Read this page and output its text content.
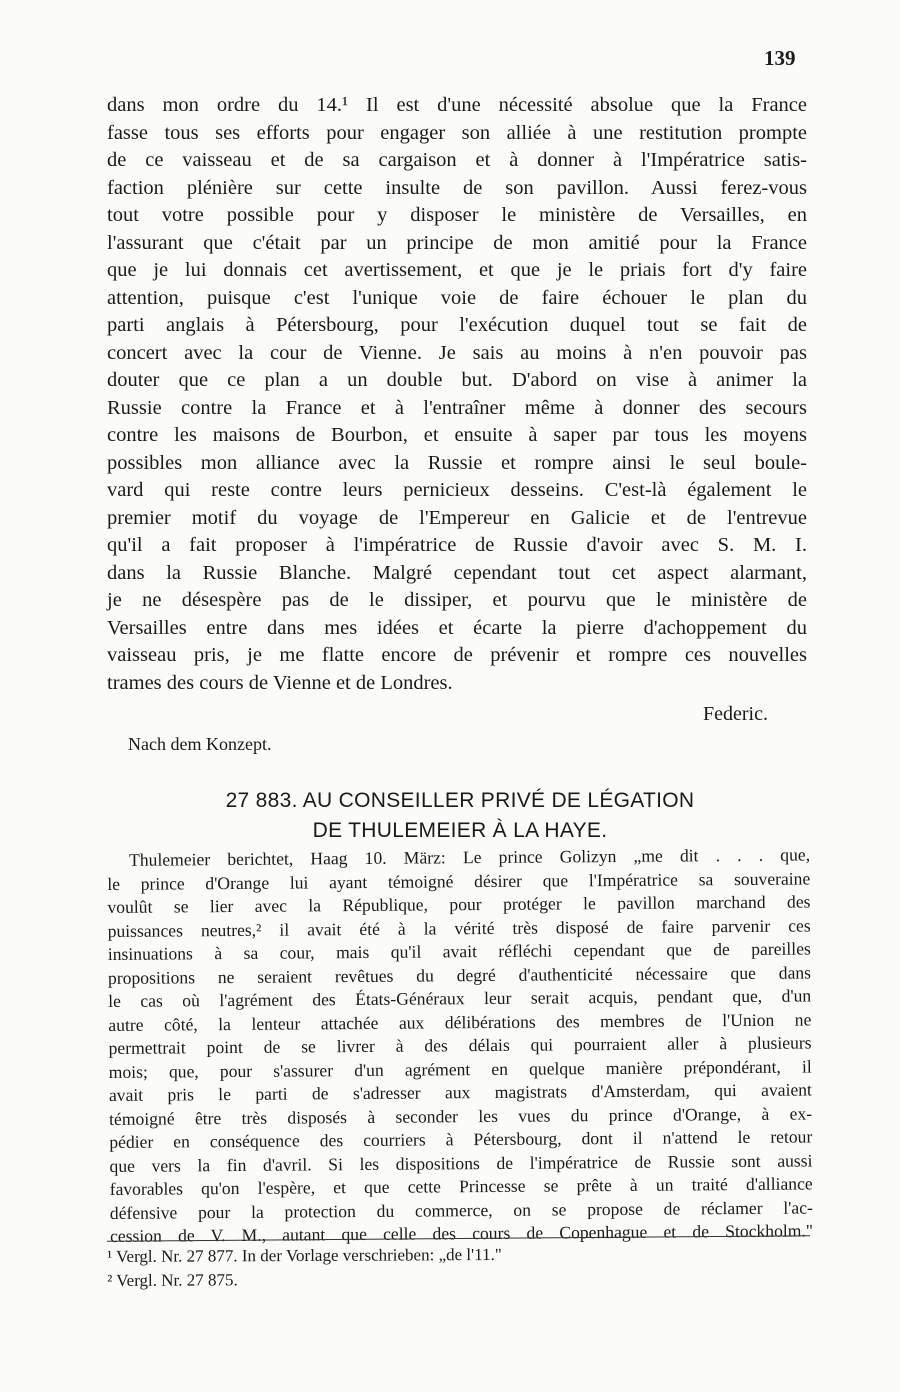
139
dans mon ordre du 14.¹ Il est d'une nécessité absolue que la France
fasse tous ses efforts pour engager son alliée à une restitution prompte
de ce vaisseau et de sa cargaison et à donner à l'Impératrice satis-
faction plénière sur cette insulte de son pavillon. Aussi ferez-vous
tout votre possible pour y disposer le ministère de Versailles, en
l'assurant que c'était par un principe de mon amitié pour la France
que je lui donnais cet avertissement, et que je le priais fort d'y faire
attention, puisque c'est l'unique voie de faire échouer le plan du
parti anglais à Pétersbourg, pour l'exécution duquel tout se fait de
concert avec la cour de Vienne. Je sais au moins à n'en pouvoir pas
douter que ce plan a un double but. D'abord on vise à animer la
Russie contre la France et à l'entraîner même à donner des secours
contre les maisons de Bourbon, et ensuite à saper par tous les moyens
possibles mon alliance avec la Russie et rompre ainsi le seul boule-
vard qui reste contre leurs pernicieux desseins. C'est-là également le
premier motif du voyage de l'Empereur en Galicie et de l'entrevue
qu'il a fait proposer à l'impératrice de Russie d'avoir avec S. M. I.
dans la Russie Blanche. Malgré cependant tout cet aspect alarmant,
je ne désespère pas de le dissiper, et pourvu que le ministère de
Versailles entre dans mes idées et écarte la pierre d'achoppement du
vaisseau pris, je me flatte encore de prévenir et rompre ces nouvelles
trames des cours de Vienne et de Londres.
Federic.
Nach dem Konzept.
27 883. AU CONSEILLER PRIVÉ DE LÉGATION
DE THULEMEIER À LA HAYE.
Thulemeier berichtet, Haag 10. März: Le prince Golizyn „me dit . . . que,
le prince d'Orange lui ayant témoigné désirer que l'Impératrice sa souveraine
voulût se lier avec la République, pour protéger le pavillon marchand des
puissances neutres,² il avait été à la vérité très disposé de faire parvenir ces
insinuations à sa cour, mais qu'il avait réfléchi cependant que de pareilles
propositions ne seraient revêtues du degré d'authenticité nécessaire que dans
le cas où l'agrément des États-Généraux leur serait acquis, pendant que, d'un
autre côté, la lenteur attachée aux délibérations des membres de l'Union ne
permettrait point de se livrer à des délais qui pourraient aller à plusieurs
mois; que, pour s'assurer d'un agrément en quelque manière prépondérant, il
avait pris le parti de s'adresser aux magistrats d'Amsterdam, qui avaient
témoigné être très disposés à seconder les vues du prince d'Orange, à ex-
pédier en conséquence des courriers à Pétersbourg, dont il n'attend le retour
que vers la fin d'avril. Si les dispositions de l'impératrice de Russie sont aussi
favorables qu'on l'espère, et que cette Princesse se prête à un traité d'alliance
défensive pour la protection du commerce, on se propose de réclamer l'ac-
cession de V. M., autant que celle des cours de Copenhague et de Stockholm."
¹ Vergl. Nr. 27 877. In der Vorlage verschrieben: „de l'11."
² Vergl. Nr. 27 875.
